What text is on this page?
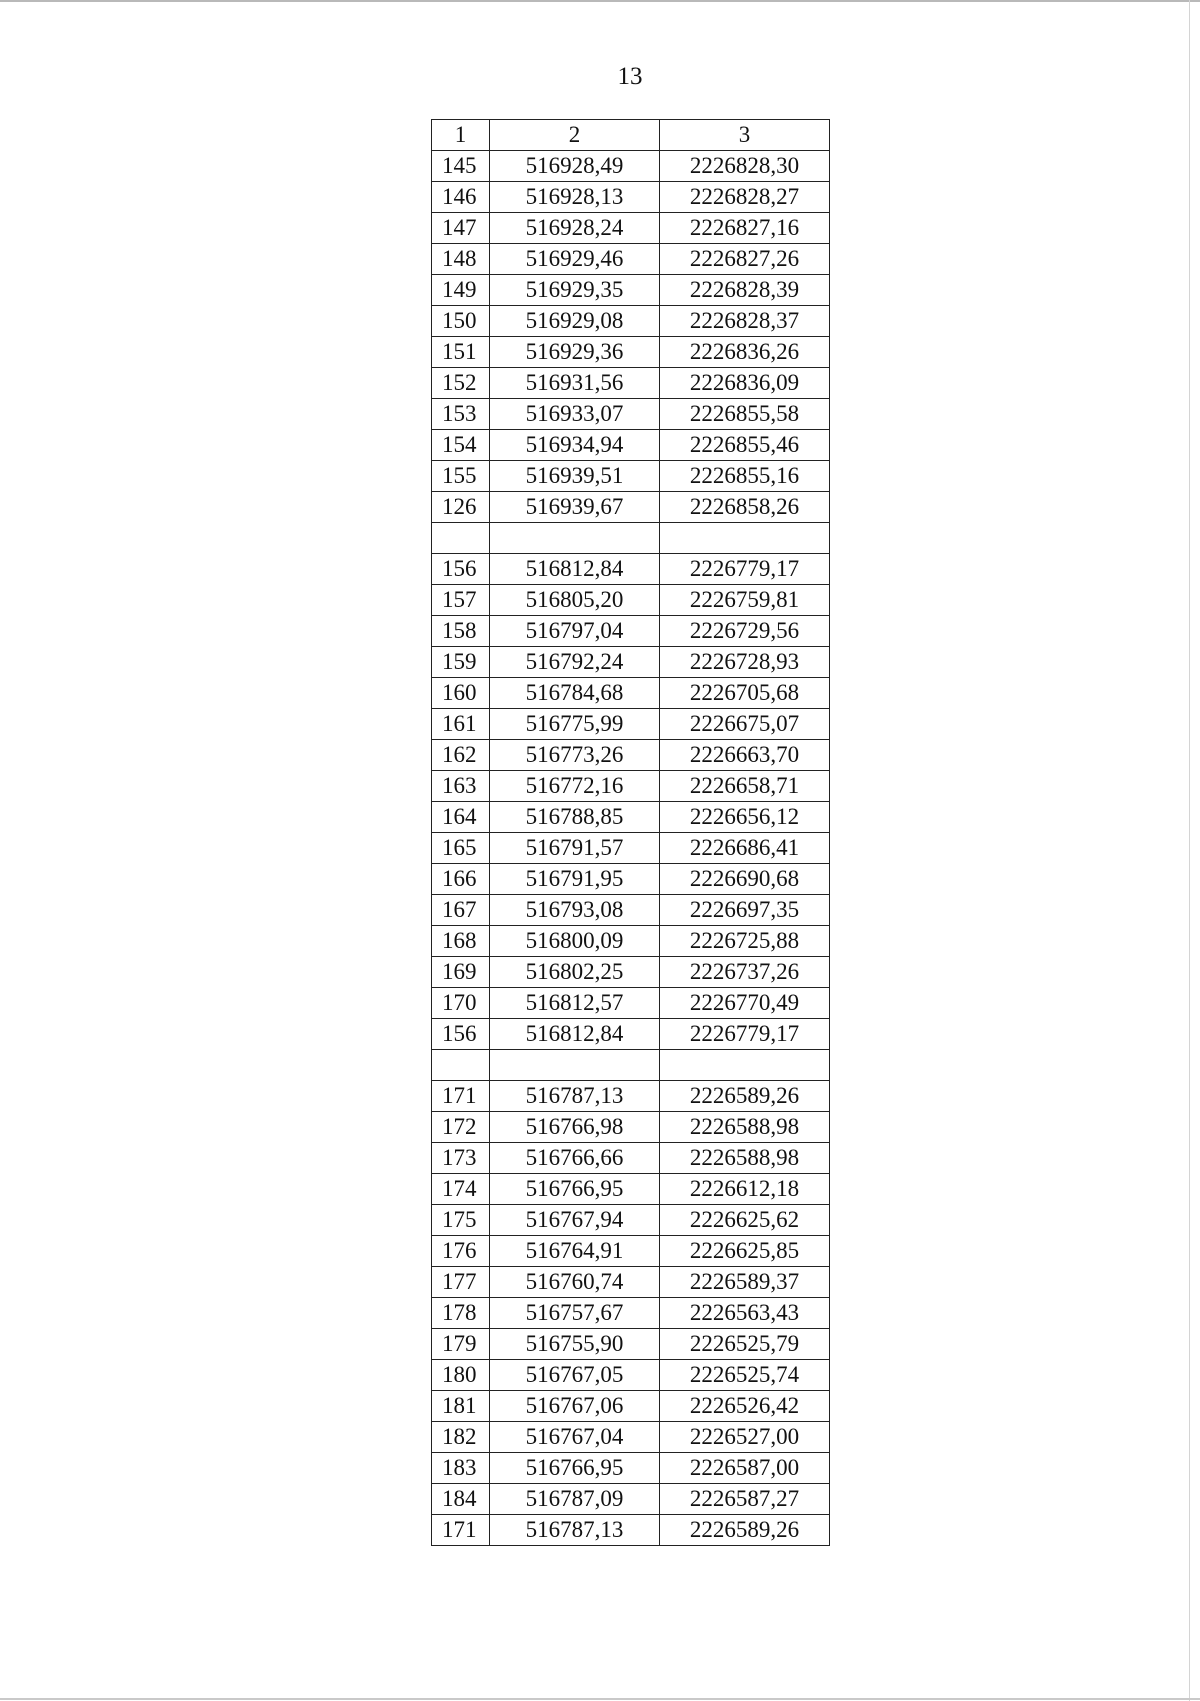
13
1	2	3
145	516928,49	2226828,30
146	516928,13	2226828,27
147	516928,24	2226827,16
148	516929,46	2226827,26
149	516929,35	2226828,39
150	516929,08	2226828,37
151	516929,36	2226836,26
152	516931,56	2226836,09
153	516933,07	2226855,58
154	516934,94	2226855,46
155	516939,51	2226855,16
126	516939,67	2226858,26

156	516812,84	2226779,17
157	516805,20	2226759,81
158	516797,04	2226729,56
159	516792,24	2226728,93
160	516784,68	2226705,68
161	516775,99	2226675,07
162	516773,26	2226663,70
163	516772,16	2226658,71
164	516788,85	2226656,12
165	516791,57	2226686,41
166	516791,95	2226690,68
167	516793,08	2226697,35
168	516800,09	2226725,88
169	516802,25	2226737,26
170	516812,57	2226770,49
156	516812,84	2226779,17

171	516787,13	2226589,26
172	516766,98	2226588,98
173	516766,66	2226588,98
174	516766,95	2226612,18
175	516767,94	2226625,62
176	516764,91	2226625,85
177	516760,74	2226589,37
178	516757,67	2226563,43
179	516755,90	2226525,79
180	516767,05	2226525,74
181	516767,06	2226526,42
182	516767,04	2226527,00
183	516766,95	2226587,00
184	516787,09	2226587,27
171	516787,13	2226589,26
